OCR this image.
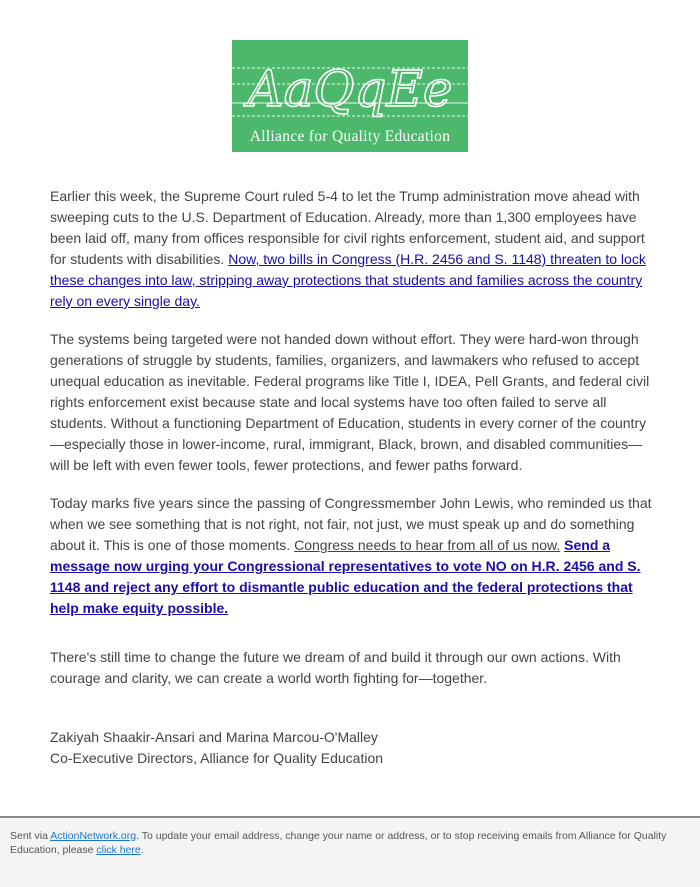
AaQqEe
Alliance for Quality Education

Earlier this week, the Supreme Court ruled 5-4 to let the Trump administration move ahead with sweeping cuts to the U.S. Department of Education. Already, more than 1,300 employees have been laid off, many from offices responsible for civil rights enforcement, student aid, and support for students with disabilities. Now, two bills in Congress (H.R. 2456 and S. 1148) threaten to lock these changes into law, stripping away protections that students and families across the country rely on every single day.

The systems being targeted were not handed down without effort. They were hard-won through generations of struggle by students, families, organizers, and lawmakers who refused to accept unequal education as inevitable. Federal programs like Title I, IDEA, Pell Grants, and federal civil rights enforcement exist because state and local systems have too often failed to serve all students. Without a functioning Department of Education, students in every corner of the country—especially those in lower-income, rural, immigrant, Black, brown, and disabled communities—will be left with even fewer tools, fewer protections, and fewer paths forward.

Today marks five years since the passing of Congressmember John Lewis, who reminded us that when we see something that is not right, not fair, not just, we must speak up and do something about it. This is one of those moments. Congress needs to hear from all of us now. Send a message now urging your Congressional representatives to vote NO on H.R. 2456 and S. 1148 and reject any effort to dismantle public education and the federal protections that help make equity possible.

There's still time to change the future we dream of and build it through our own actions. With courage and clarity, we can create a world worth fighting for—together.

Zakiyah Shaakir-Ansari and Marina Marcou-O'Malley
Co-Executive Directors, Alliance for Quality Education
Sent via ActionNetwork.org. To update your email address, change your name or address, or to stop receiving emails from Alliance for Quality Education, please click here.
